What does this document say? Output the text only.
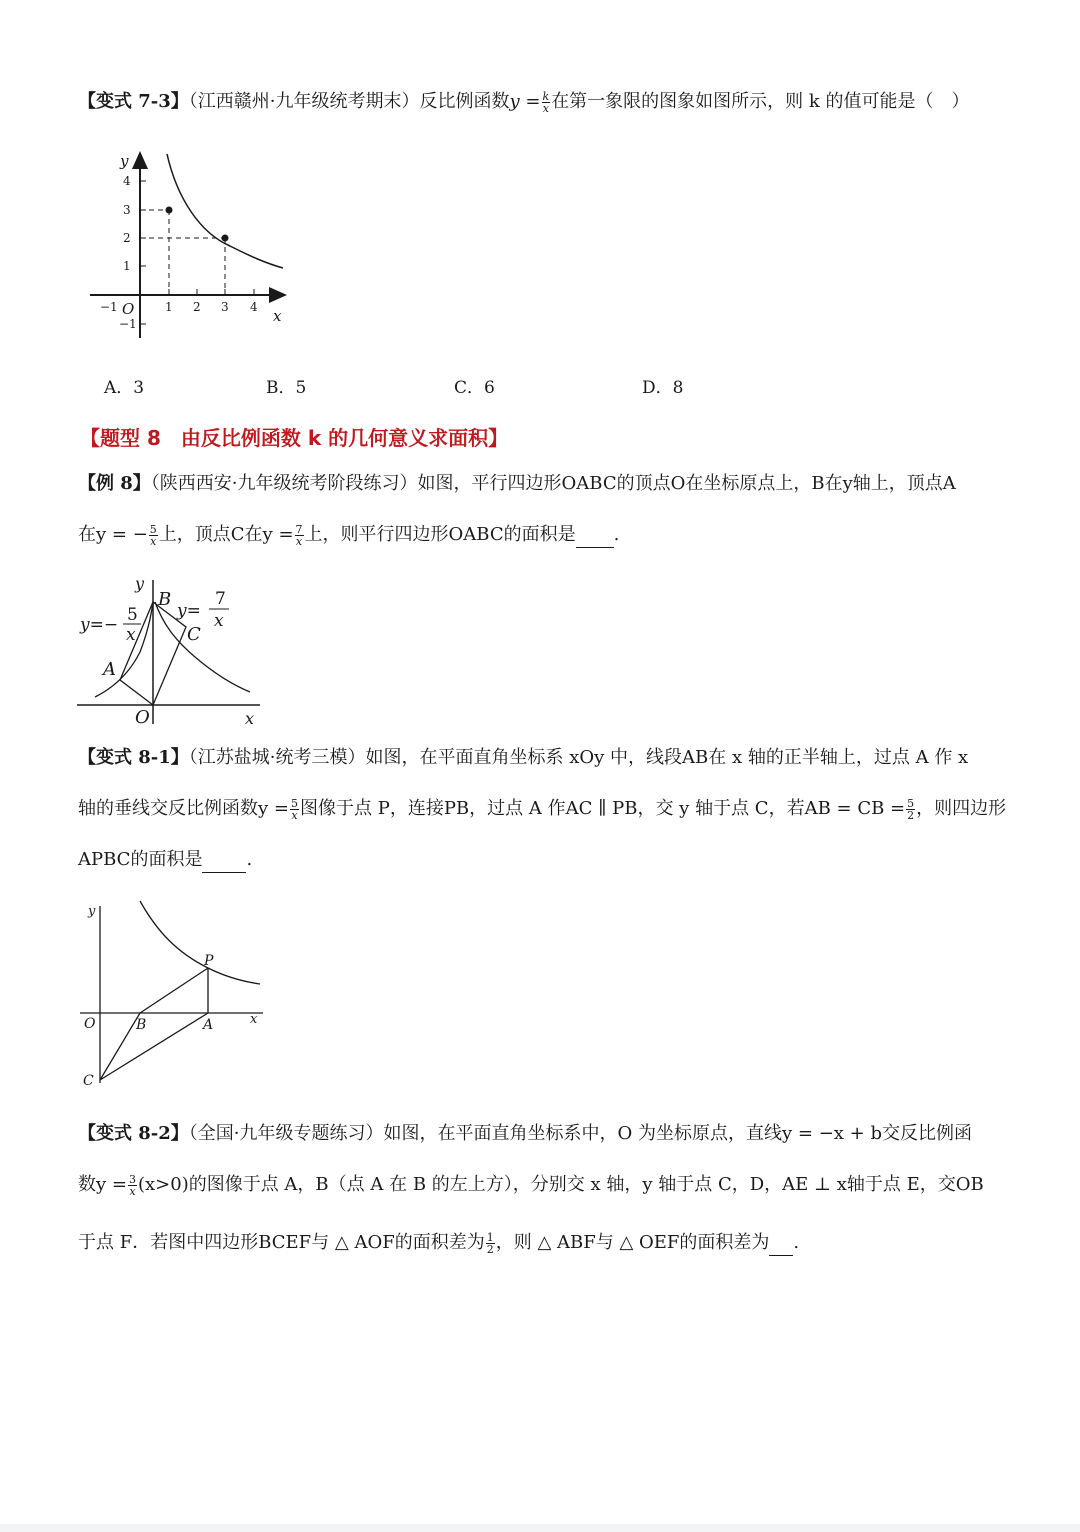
【变式 7-3】（江西赣州·九年级统考期末）反比例函数$y = \frac{k}{x}$ 在第一象限的图象如图所示，则 k 的值可能是（　）
y
x
O
4
3
2
1
−1
−1	1 2 3 4
A．3	B．5	C．6	D．8
【题型 8　由反比例函数 k 的几何意义求面积】
【例 8】（陕西西安·九年级统考阶段练习）如图，平行四边形OABC的顶点O在坐标原点上，B在y轴上，顶点A
在y = − $\frac{5}{x}$ 上，顶点C在$y = \frac{7}{x}$ 上，则平行四边形OABC的面积是 .
y
x
O
A
B
C
y=− 5
x
y=
7
x
【变式 8-1】（江苏盐城·统考三模）如图，在平面直角坐标系 xOy 中，线段AB在 x 轴的正半轴上，过点 A 作 x
轴的垂线交反比例函数$y = \frac{5}{x}$ 图像于点 P，连接PB，过点 A 作AC ∥ PB，交 y 轴于点 C，若AB = CB = $\frac{5}{2}$ ，则四边形
APBC的面积是 .
y
x
O	B	A
P
C
【变式 8-2】（全国·九年级专题练习）如图，在平面直角坐标系中，O 为坐标原点，直线y = −x + b交反比例函
数$y = \frac{3}{x} (x>0)$的图像于点 A，B（点 A 在 B 的左上方），分别交 x 轴，y 轴于点 C，D，AE ⊥ x轴于点 E，交OB
于点 F．若图中四边形BCEF与 △ AOF的面积差为 $\frac{1}{2}$ ，则 △ ABF与 △ OEF的面积差为 .
